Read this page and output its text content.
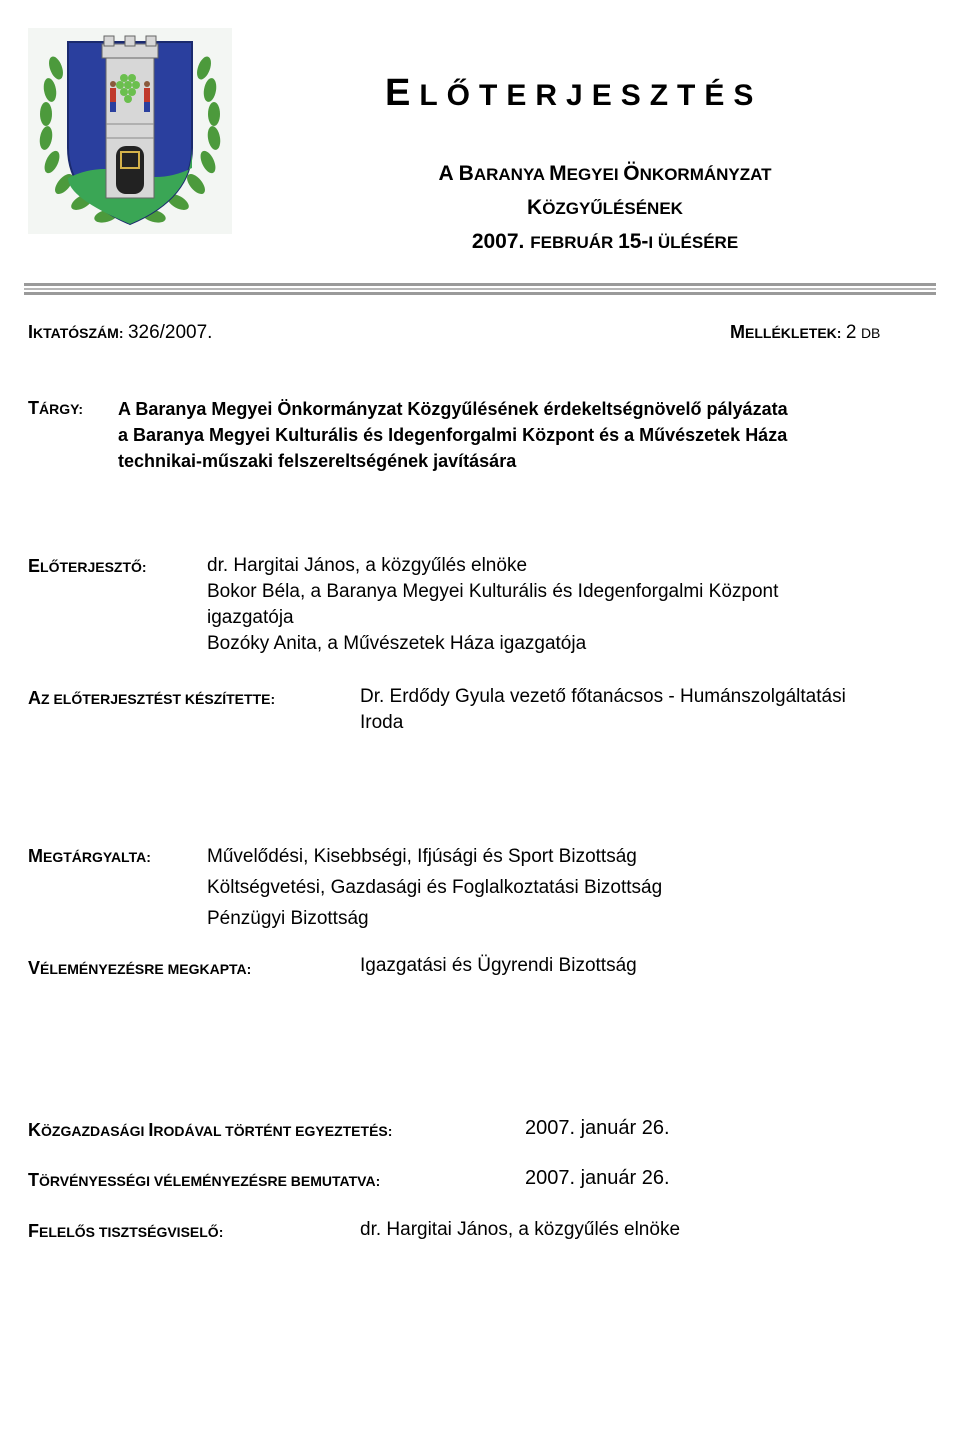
ELŐTERJESZTÉS
A BARANYA MEGYEI ÖNKORMÁNYZAT
KÖZGYŰLÉSÉNEK
2007. FEBRUÁR 15-I ÜLÉSÉRE
IKTATÓSZÁM: 326/2007.	MELLÉKLETEK: 2 DB
TÁRGY: A Baranya Megyei Önkormányzat Közgyűlésének érdekeltségnövelő pályázata
a Baranya Megyei Kulturális és Idegenforgalmi Központ és a Művészetek Háza
technikai-műszaki felszereltségének javítására
ELŐTERJESZTŐ:	dr. Hargitai János, a közgyűlés elnöke
Bokor Béla, a Baranya Megyei Kulturális és Idegenforgalmi Központ
igazgatója
Bozóky Anita, a Művészetek Háza igazgatója
AZ ELŐTERJESZTÉST KÉSZÍTETTE:	Dr. Erdődy Gyula vezető főtanácsos - Humánszolgáltatási
Iroda
MEGTÁRGYALTA:	Művelődési, Kisebbségi, Ifjúsági és Sport Bizottság
Költségvetési, Gazdasági és Foglalkoztatási Bizottság
Pénzügyi Bizottság
VÉLEMÉNYEZÉSRE MEGKAPTA:	Igazgatási és Ügyrendi Bizottság
KÖZGAZDASÁGI IRODÁVAL TÖRTÉNT EGYEZTETÉS:	2007. január 26.
TÖRVÉNYESSÉGI VÉLEMÉNYEZÉSRE BEMUTATVA:	2007. január 26.
FELELŐS TISZTSÉGVISELŐ:	dr. Hargitai János, a közgyűlés elnöke
